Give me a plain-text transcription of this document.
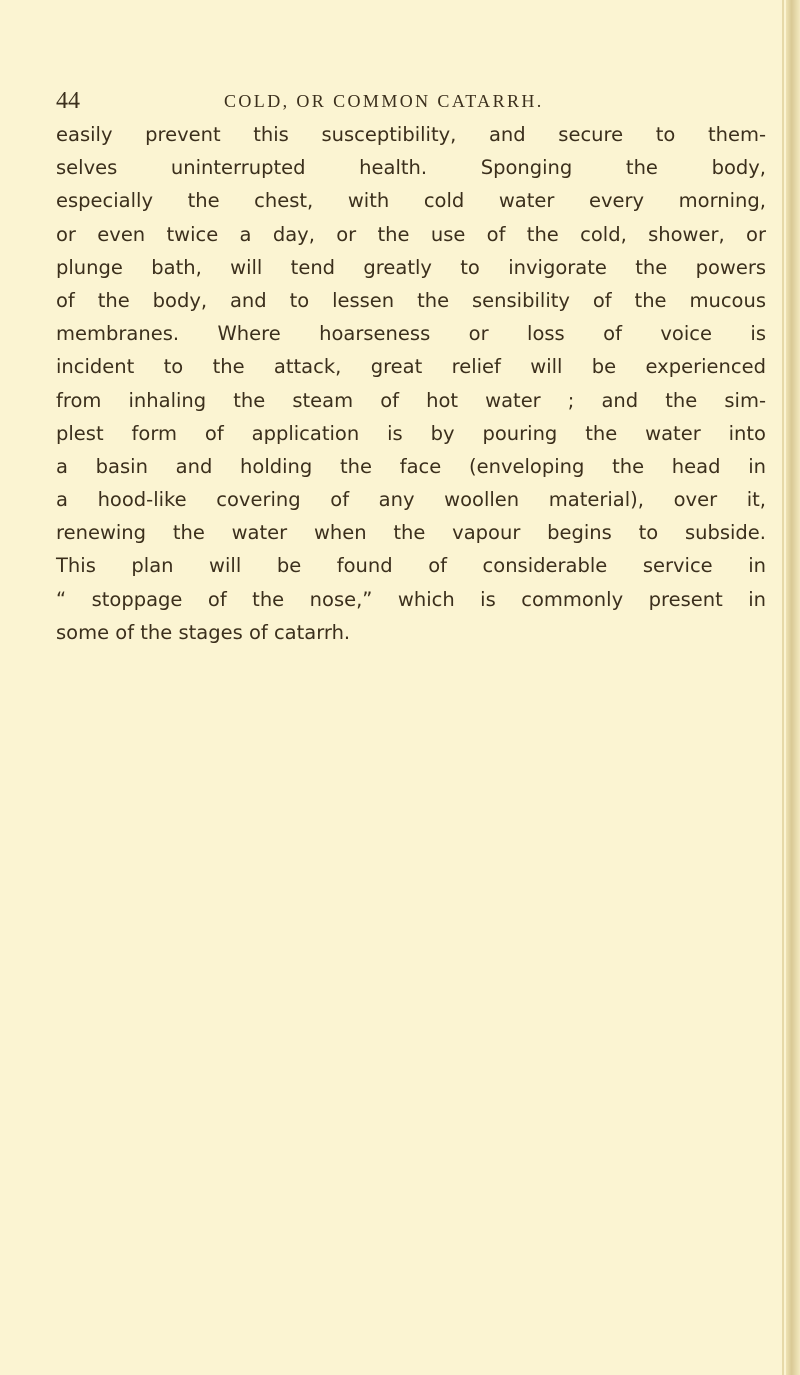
44	COLD, OR COMMON CATARRH.
easily prevent this susceptibility, and secure to them-
selves uninterrupted health. Sponging the body,
especially the chest, with cold water every morning,
or even twice a day, or the use of the cold, shower, or
plunge bath, will tend greatly to invigorate the powers
of the body, and to lessen the sensibility of the mucous
membranes. Where hoarseness or loss of voice is
incident to the attack, great relief will be experienced
from inhaling the steam of hot water ; and the sim-
plest form of application is by pouring the water into
a basin and holding the face (enveloping the head in
a hood-like covering of any woollen material), over it,
renewing the water when the vapour begins to subside.
This plan will be found of considerable service in
“ stoppage of the nose,” which is commonly present in
some of the stages of catarrh.
